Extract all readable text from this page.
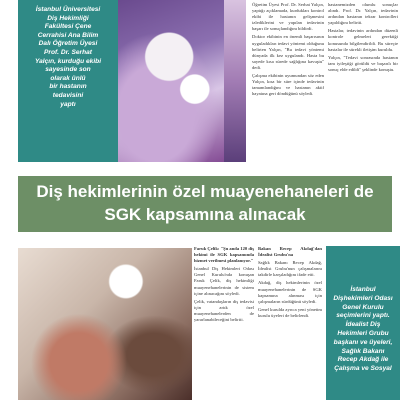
İstanbul Üniversitesi
Diş Hekimliği
Fakültesi Çene
Cerrahisi Ana Bilim
Dalı Öğretim Üyesi
Prof. Dr. Serhat
Yalçın, kurduğu ekibi
sayesinde son
olarak ünlü
bir hastanın
tedavisini
yaptı

Öğretim Üyesi Prof. Dr. Serhat Yalçın, yaptığı açıklamada, kurdukları kontrol ekibi ile hastanın gelişmesini izlediklerini ve yapılan tedavinin başarı ile sonuçlandığını bildirdi.

Doktor ekibinin en önemli başarısının uyguladıkları tedavi yöntemi olduğunu belirten Yalçın, "Bu tedavi yöntemi dünyada ilk kez uygulandı. Hasta bu sayede kısa sürede sağlığına kavuştu" dedi.

Çalışma ekibinin uyumundan söz eden Yalçın, kısa bir süre içinde tedavinin tamamlandığını ve hastanın aktif hayatına geri döndüğünü söyledi.

hastanemizden olumlu sonuçlar alındı. Prof. Dr. Yalçın, tedavinin ardından hastanın tekrar kontrolleri yapıldığını belirtti.

Hastalar, tedavinin ardından düzenli kontrole gelmeleri gerektiği konusunda bilgilendirildi. Bu süreçte hastalar ile sürekli iletişim kuruldu.

Yalçın, "Tedavi sonrasında hastanın tam iyileştiği görüldü ve başarılı bir sonuç elde edildi" şeklinde konuştu.

Diş hekimlerinin özel muayenehaneleri de
SGK kapsamına alınacak

Faruk Çelik: "Şu anda 120 diş hekimi ile SGK kapsamında hizmet verilmesi planlanıyor."

İstanbul Diş Hekimleri Odası Genel Kurulu'nda konuşan Faruk Çelik, diş hekimliği muayenehanelerinin de sistem içine alınacağını söyledi.

Çelik, vatandaşların diş tedavisi için artık özel muayenehanelerden de yararlanabileceğini belirtti.

Bakan Recep Akdağ'dan İdealist Grubu'na

Sağlık Bakanı Recep Akdağ, İdealist Grubu'nun çalışmalarını takdirle karşıladığını ifade etti.

Akdağ, diş hekimlerinin özel muayenehanelerinin de SGK kapsamına alınması için çalışmaların sürdüğünü söyledi.

Genel kurulda ayrıca yeni yönetim kurulu üyeleri de belirlendi.

İstanbul
Dişhekimleri Odası
Genel Kurulu
seçimlerini yaptı.
İdealist Diş
Hekimleri Grubu
başkanı ve üyeleri,
Sağlık Bakanı
Recep Akdağ ile
Çalışma ve Sosyal
